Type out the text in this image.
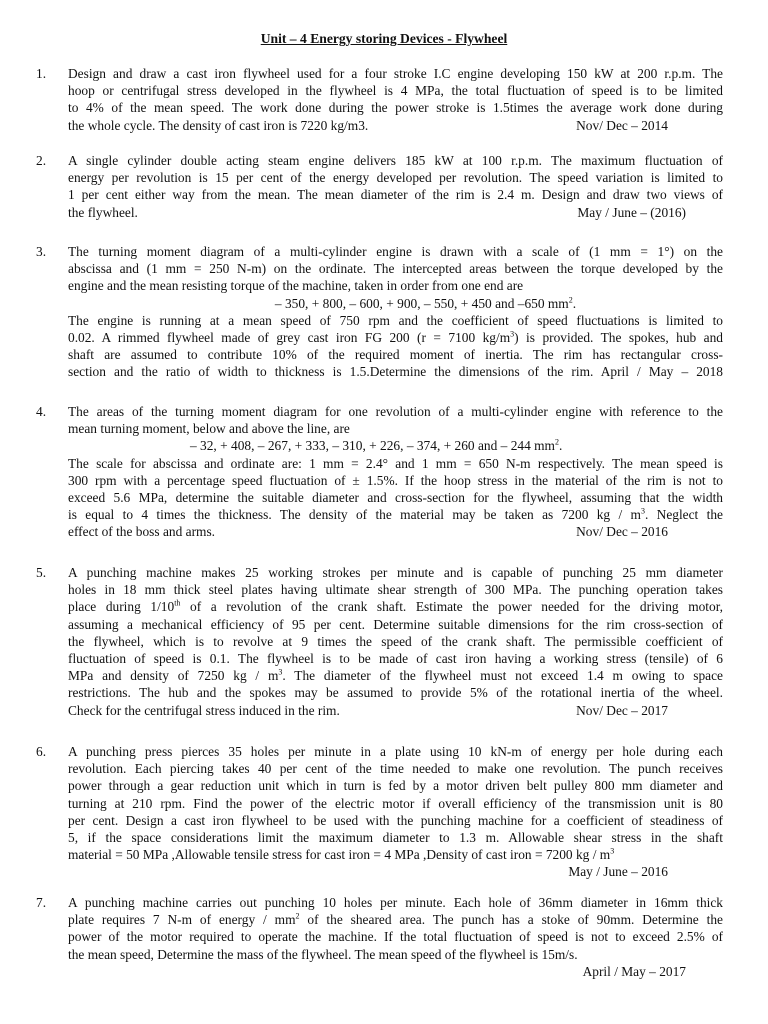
Unit – 4 Energy storing Devices - Flywheel
1. Design and draw a cast iron flywheel used for a four stroke I.C engine developing 150 kW at 200 r.p.m. The
hoop or centrifugal stress developed in the flywheel is 4 MPa, the total fluctuation of speed is to be limited
to 4% of the mean speed. The work done during the power stroke is 1.5times the average work done during
the whole cycle. The density of cast iron is 7220 kg/m3.	Nov/ Dec – 2014
2. A single cylinder double acting steam engine delivers 185 kW at 100 r.p.m. The maximum fluctuation of
energy per revolution is 15 per cent of the energy developed per revolution. The speed variation is limited to
1 per cent either way from the mean. The mean diameter of the rim is 2.4 m. Design and draw two views of
the flywheel.	May / June – (2016)
3. The turning moment diagram of a multi-cylinder engine is drawn with a scale of (1 mm = 1°) on the
abscissa and (1 mm = 250 N-m) on the ordinate. The intercepted areas between the torque developed by the
engine and the mean resisting torque of the machine, taken in order from one end are
– 350, + 800, – 600, + 900, – 550, + 450 and –650 $mm^2$.
The engine is running at a mean speed of 750 rpm and the coefficient of speed fluctuations is limited to
0.02. A rimmed flywheel made of grey cast iron FG 200 (r = 7100 $kg/m^3$) is provided. The spokes, hub and
shaft are assumed to contribute 10% of the required moment of inertia. The rim has rectangular cross-
section and the ratio of width to thickness is 1.5.Determine the dimensions of the rim. April / May – 2018
4. The areas of the turning moment diagram for one revolution of a multi-cylinder engine with reference to the
mean turning moment, below and above the line, are
– 32, + 408, – 267, + 333, – 310, + 226, – 374, + 260 and – 244 $mm^2$.
The scale for abscissa and ordinate are: 1 mm = 2.4° and 1 mm = 650 N-m respectively. The mean speed is
300 rpm with a percentage speed fluctuation of ± 1.5%. If the hoop stress in the material of the rim is not to
exceed 5.6 MPa, determine the suitable diameter and cross-section for the flywheel, assuming that the width
is equal to 4 times the thickness. The density of the material may be taken as 7200 kg / $m^3$. Neglect the
effect of the boss and arms.	Nov/ Dec – 2016
5. A punching machine makes 25 working strokes per minute and is capable of punching 25 mm diameter
holes in 18 mm thick steel plates having ultimate shear strength of 300 MPa. The punching operation takes
place during 1/10th of a revolution of the crank shaft. Estimate the power needed for the driving motor,
assuming a mechanical efficiency of 95 per cent. Determine suitable dimensions for the rim cross-section of
the flywheel, which is to revolve at 9 times the speed of the crank shaft. The permissible coefficient of
fluctuation of speed is 0.1. The flywheel is to be made of cast iron having a working stress (tensile) of 6
MPa and density of 7250 kg / $m^3$. The diameter of the flywheel must not exceed 1.4 m owing to space
restrictions. The hub and the spokes may be assumed to provide 5% of the rotational inertia of the wheel.
Check for the centrifugal stress induced in the rim.	Nov/ Dec – 2017
6. A punching press pierces 35 holes per minute in a plate using 10 kN-m of energy per hole during each
revolution. Each piercing takes 40 per cent of the time needed to make one revolution. The punch receives
power through a gear reduction unit which in turn is fed by a motor driven belt pulley 800 mm diameter and
turning at 210 rpm. Find the power of the electric motor if overall efficiency of the transmission unit is 80
per cent. Design a cast iron flywheel to be used with the punching machine for a coefficient of steadiness of
5, if the space considerations limit the maximum diameter to 1.3 m. Allowable shear stress in the shaft
material = 50 MPa ,Allowable tensile stress for cast iron = 4 MPa ,Density of cast iron = 7200 kg / $m^3$
May / June – 2016
7. A punching machine carries out punching 10 holes per minute. Each hole of 36mm diameter in 16mm thick
plate requires 7 N-m of energy / $mm^2$ of the sheared area. The punch has a stoke of 90mm. Determine the
power of the motor required to operate the machine. If the total fluctuation of speed is not to exceed 2.5% of
the mean speed, Determine the mass of the flywheel. The mean speed of the flywheel is 15m/s.
April / May – 2017
